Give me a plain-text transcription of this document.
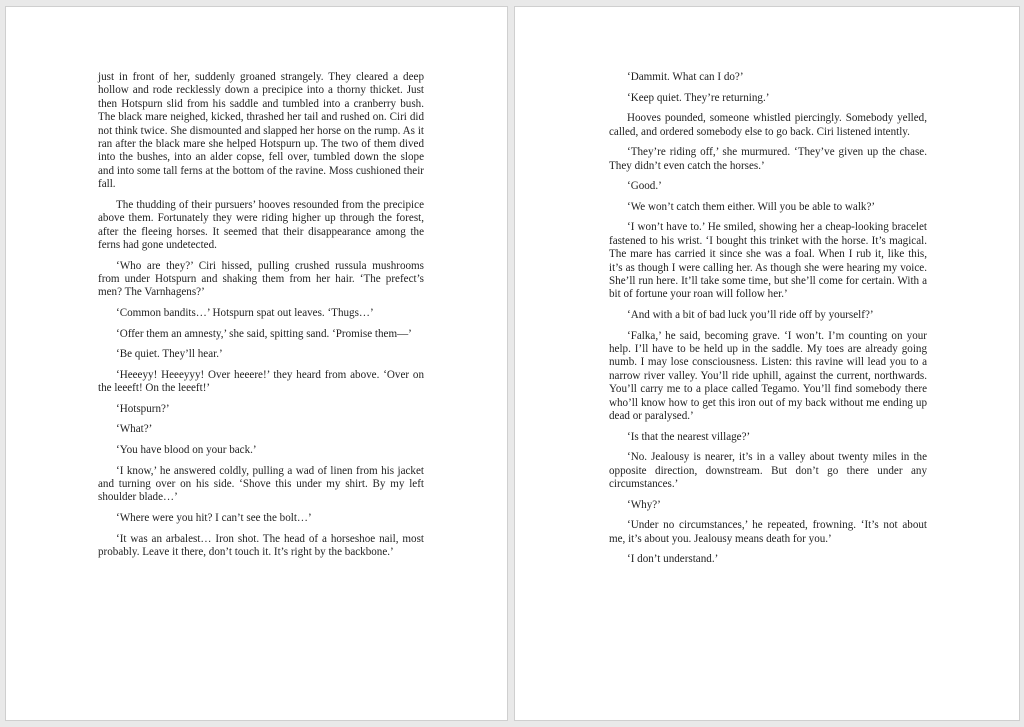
just in front of her, suddenly groaned strangely. They cleared a deep hollow and rode recklessly down a precipice into a thorny thicket. Just then Hotspurn slid from his saddle and tumbled into a cranberry bush. The black mare neighed, kicked, thrashed her tail and rushed on. Ciri did not think twice. She dismounted and slapped her horse on the rump. As it ran after the black mare she helped Hotspurn up. The two of them dived into the bushes, into an alder copse, fell over, tumbled down the slope and into some tall ferns at the bottom of the ravine. Moss cushioned their fall.

The thudding of their pursuers’ hooves resounded from the precipice above them. Fortunately they were riding higher up through the forest, after the fleeing horses. It seemed that their disappearance among the ferns had gone undetected.

‘Who are they?’ Ciri hissed, pulling crushed russula mushrooms from under Hotspurn and shaking them from her hair. ‘The prefect’s men? The Varnhagens?’

‘Common bandits…’ Hotspurn spat out leaves. ‘Thugs…’

‘Offer them an amnesty,’ she said, spitting sand. ‘Promise them—’

‘Be quiet. They’ll hear.’

‘Heeeyy! Heeeyyy! Over heeere!’ they heard from above. ‘Over on the leeeft! On the leeeft!’

‘Hotspurn?’

‘What?’

‘You have blood on your back.’

‘I know,’ he answered coldly, pulling a wad of linen from his jacket and turning over on his side. ‘Shove this under my shirt. By my left shoulder blade…’

‘Where were you hit? I can’t see the bolt…’

‘It was an arbalest… Iron shot. The head of a horseshoe nail, most probably. Leave it there, don’t touch it. It’s right by the backbone.’

‘Dammit. What can I do?’

‘Keep quiet. They’re returning.’

Hooves pounded, someone whistled piercingly. Somebody yelled, called, and ordered somebody else to go back. Ciri listened intently.

‘They’re riding off,’ she murmured. ‘They’ve given up the chase. They didn’t even catch the horses.’

‘Good.’

‘We won’t catch them either. Will you be able to walk?’

‘I won’t have to.’ He smiled, showing her a cheap-looking bracelet fastened to his wrist. ‘I bought this trinket with the horse. It’s magical. The mare has carried it since she was a foal. When I rub it, like this, it’s as though I were calling her. As though she were hearing my voice. She’ll run here. It’ll take some time, but she’ll come for certain. With a bit of fortune your roan will follow her.’

‘And with a bit of bad luck you’ll ride off by yourself?’

‘Falka,’ he said, becoming grave. ‘I won’t. I’m counting on your help. I’ll have to be held up in the saddle. My toes are already going numb. I may lose consciousness. Listen: this ravine will lead you to a narrow river valley. You’ll ride uphill, against the current, northwards. You’ll carry me to a place called Tegamo. You’ll find somebody there who’ll know how to get this iron out of my back without me ending up dead or paralysed.’

‘Is that the nearest village?’

‘No. Jealousy is nearer, it’s in a valley about twenty miles in the opposite direction, downstream. But don’t go there under any circumstances.’

‘Why?’

‘Under no circumstances,’ he repeated, frowning. ‘It’s not about me, it’s about you. Jealousy means death for you.’

‘I don’t understand.’
